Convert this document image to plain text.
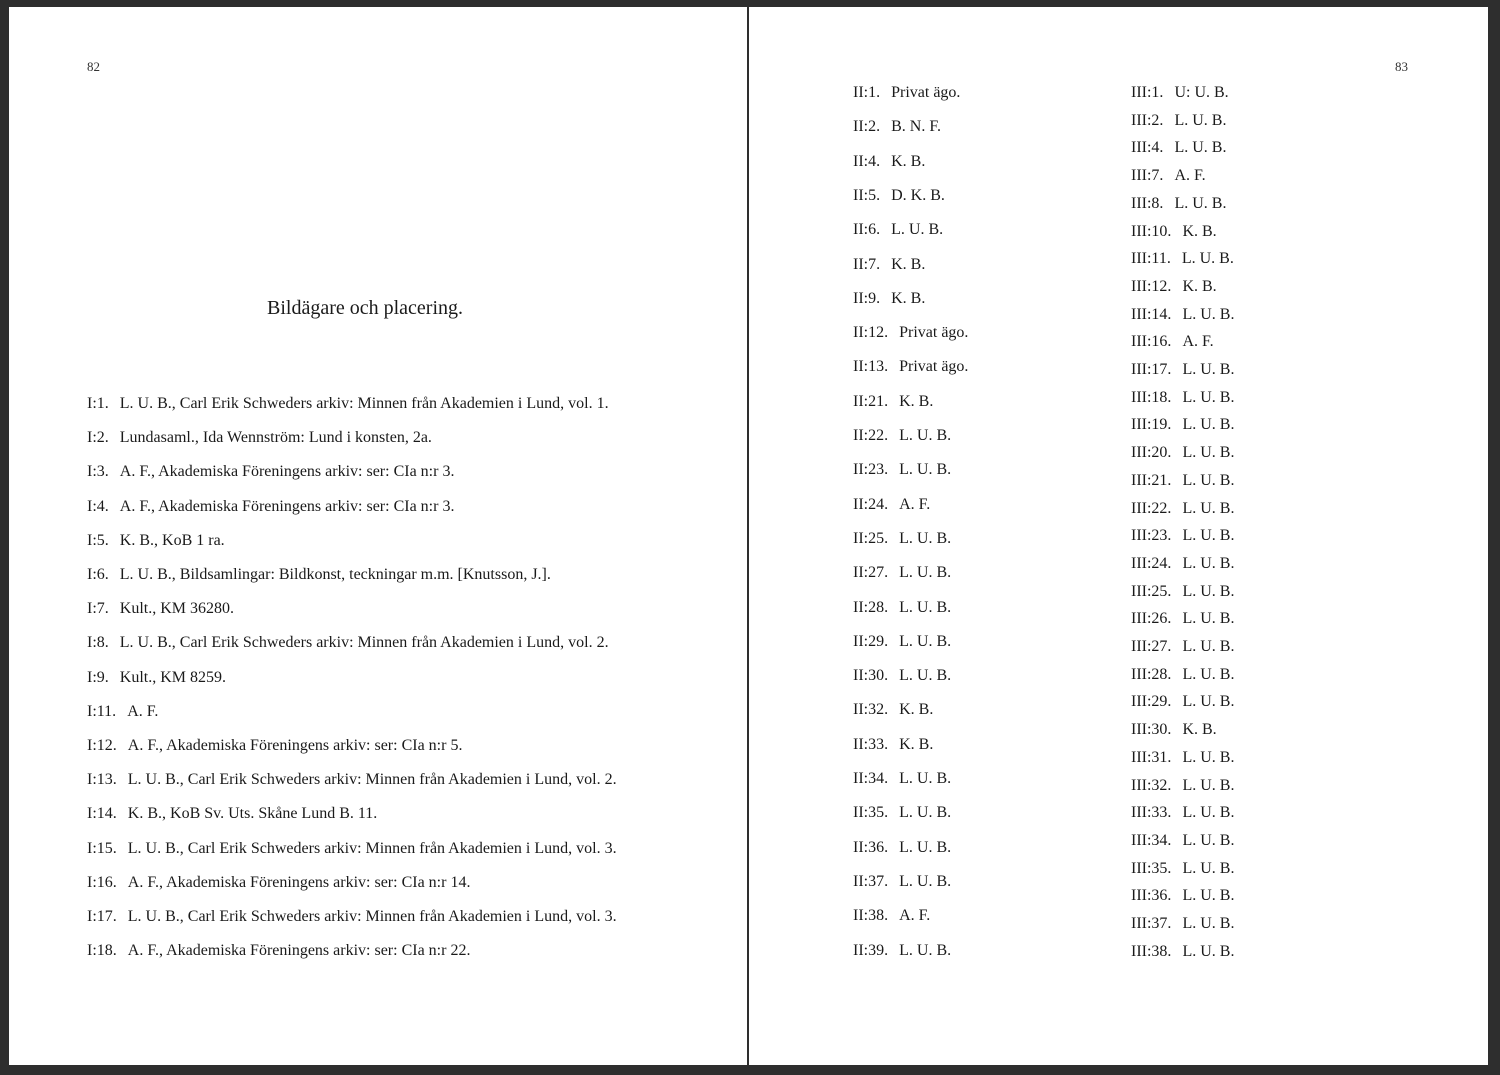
82
Bildägare och placering.
I:1. L. U. B., Carl Erik Schweders arkiv: Minnen från Akademien i Lund, vol. 1.
I:2. Lundasaml., Ida Wennström: Lund i konsten, 2a.
I:3. A. F., Akademiska Föreningens arkiv: ser: CIa n:r 3.
I:4. A. F., Akademiska Föreningens arkiv: ser: CIa n:r 3.
I:5. K. B., KoB 1 ra.
I:6. L. U. B., Bildsamlingar: Bildkonst, teckningar m.m. [Knutsson, J.].
I:7. Kult., KM 36280.
I:8. L. U. B., Carl Erik Schweders arkiv: Minnen från Akademien i Lund, vol. 2.
I:9. Kult., KM 8259.
I:11. A. F.
I:12. A. F., Akademiska Föreningens arkiv: ser: CIa n:r 5.
I:13. L. U. B., Carl Erik Schweders arkiv: Minnen från Akademien i Lund, vol. 2.
I:14. K. B., KoB Sv. Uts. Skåne Lund B. 11.
I:15. L. U. B., Carl Erik Schweders arkiv: Minnen från Akademien i Lund, vol. 3.
I:16. A. F., Akademiska Föreningens arkiv: ser: CIa n:r 14.
I:17. L. U. B., Carl Erik Schweders arkiv: Minnen från Akademien i Lund, vol. 3.
I:18. A. F., Akademiska Föreningens arkiv: ser: CIa n:r 22.
83
II:1. Privat ägo.
II:2. B. N. F.
II:4. K. B.
II:5. D. K. B.
II:6. L. U. B.
II:7. K. B.
II:9. K. B.
II:12. Privat ägo.
II:13. Privat ägo.
II:21. K. B.
II:22. L. U. B.
II:23. L. U. B.
II:24. A. F.
II:25. L. U. B.
II:27. L. U. B.
II:28. L. U. B.
II:29. L. U. B.
II:30. L. U. B.
II:32. K. B.
II:33. K. B.
II:34. L. U. B.
II:35. L. U. B.
II:36. L. U. B.
II:37. L. U. B.
II:38. A. F.
II:39. L. U. B.
III:1. U: U. B.
III:2. L. U. B.
III:4. L. U. B.
III:7. A. F.
III:8. L. U. B.
III:10. K. B.
III:11. L. U. B.
III:12. K. B.
III:14. L. U. B.
III:16. A. F.
III:17. L. U. B.
III:18. L. U. B.
III:19. L. U. B.
III:20. L. U. B.
III:21. L. U. B.
III:22. L. U. B.
III:23. L. U. B.
III:24. L. U. B.
III:25. L. U. B.
III:26. L. U. B.
III:27. L. U. B.
III:28. L. U. B.
III:29. L. U. B.
III:30. K. B.
III:31. L. U. B.
III:32. L. U. B.
III:33. L. U. B.
III:34. L. U. B.
III:35. L. U. B.
III:36. L. U. B.
III:37. L. U. B.
III:38. L. U. B.
